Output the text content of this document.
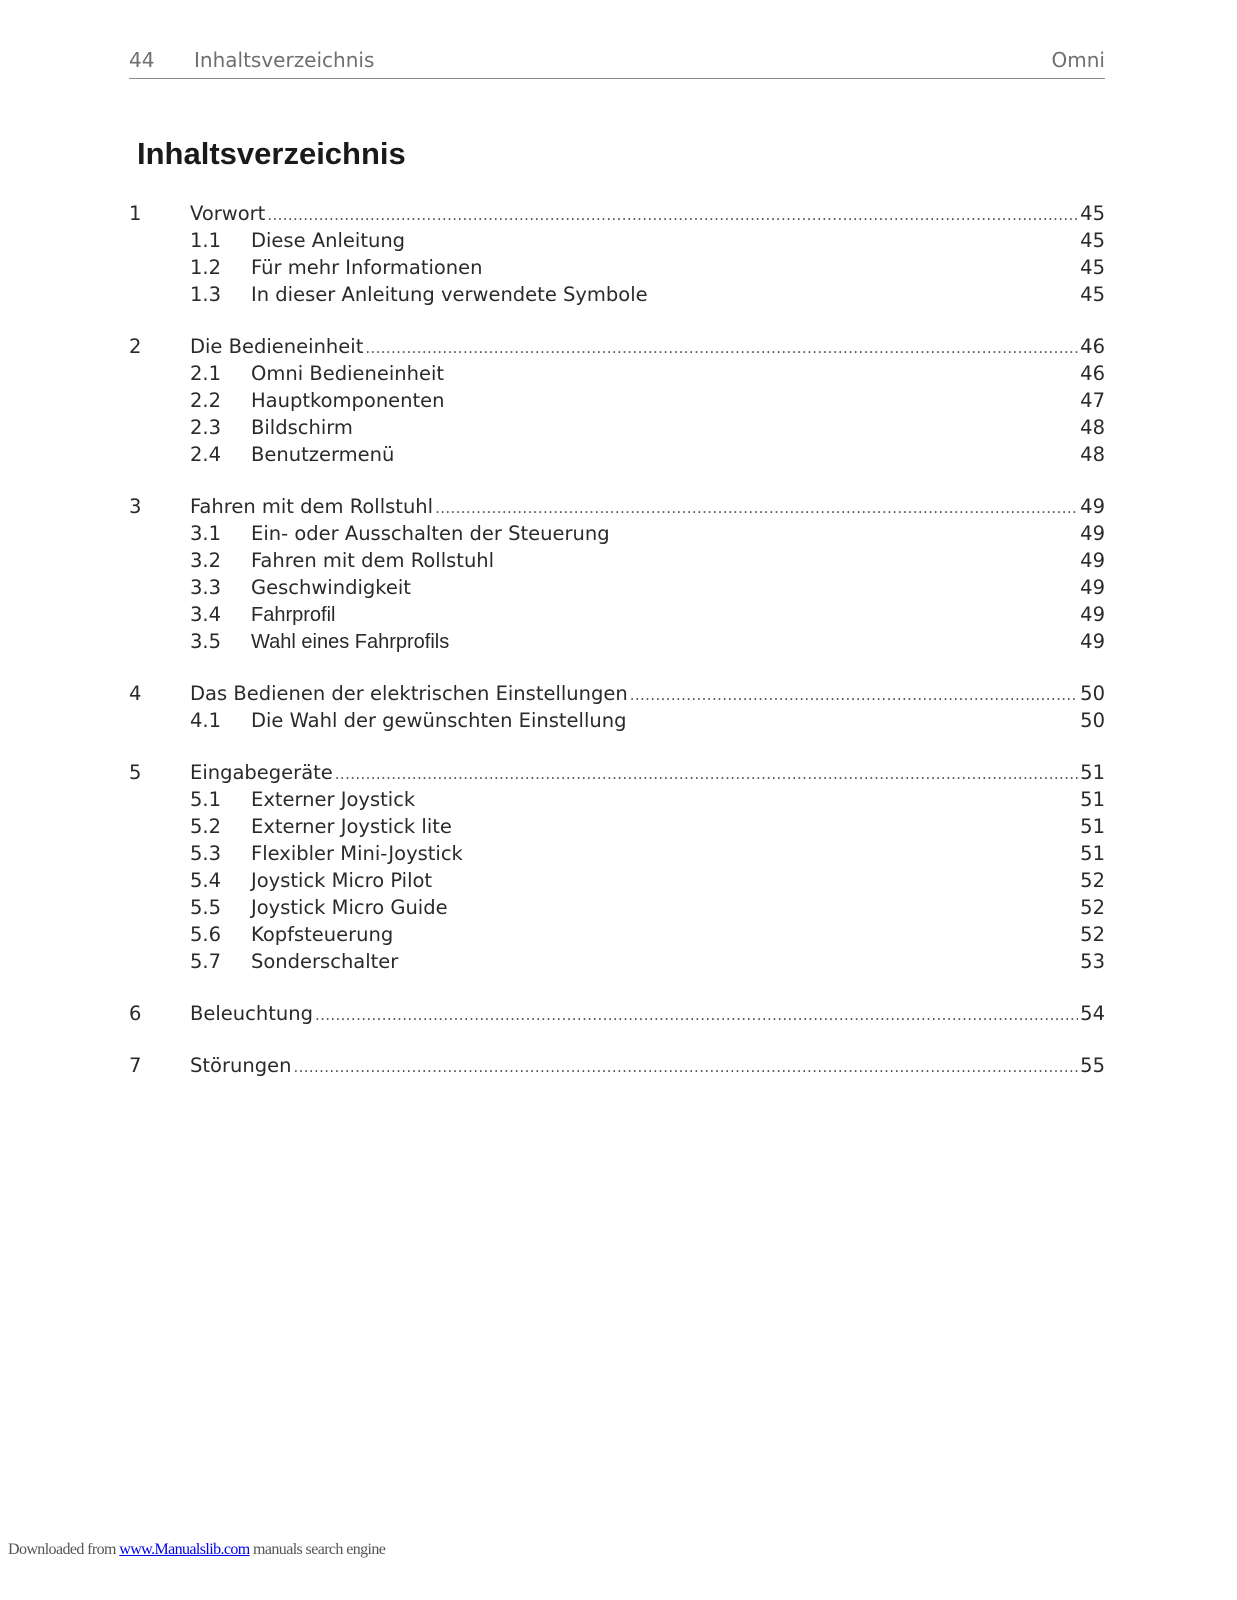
44 Inhaltsverzeichnis	Omni
Inhaltsverzeichnis
1	Vorwort . . .	45
1.1	Diese Anleitung	45
1.2	Für mehr Informationen	45
1.3	In dieser Anleitung verwendete Symbole	45
2	Die Bedieneinheit . . .	46
2.1	Omni Bedieneinheit	46
2.2	Hauptkomponenten	47
2.3	Bildschirm	48
2.4	Benutzermenü	48
3	Fahren mit dem Rollstuhl . . .	49
3.1	Ein- oder Ausschalten der Steuerung	49
3.2	Fahren mit dem Rollstuhl	49
3.3	Geschwindigkeit	49
3.4	Fahrprofil	49
3.5	Wahl eines Fahrprofils	49
4	Das Bedienen der elektrischen Einstellungen . . .	50
4.1	Die Wahl der gewünschten Einstellung	50
5	Eingabegeräte . . .	51
5.1	Externer Joystick	51
5.2	Externer Joystick lite	51
5.3	Flexibler Mini-Joystick	51
5.4	Joystick Micro Pilot	52
5.5	Joystick Micro Guide	52
5.6	Kopfsteuerung	52
5.7	Sonderschalter	53
6	Beleuchtung . . .	54
7	Störungen . . .	55
Downloaded from www.Manualslib.com manuals search engine
